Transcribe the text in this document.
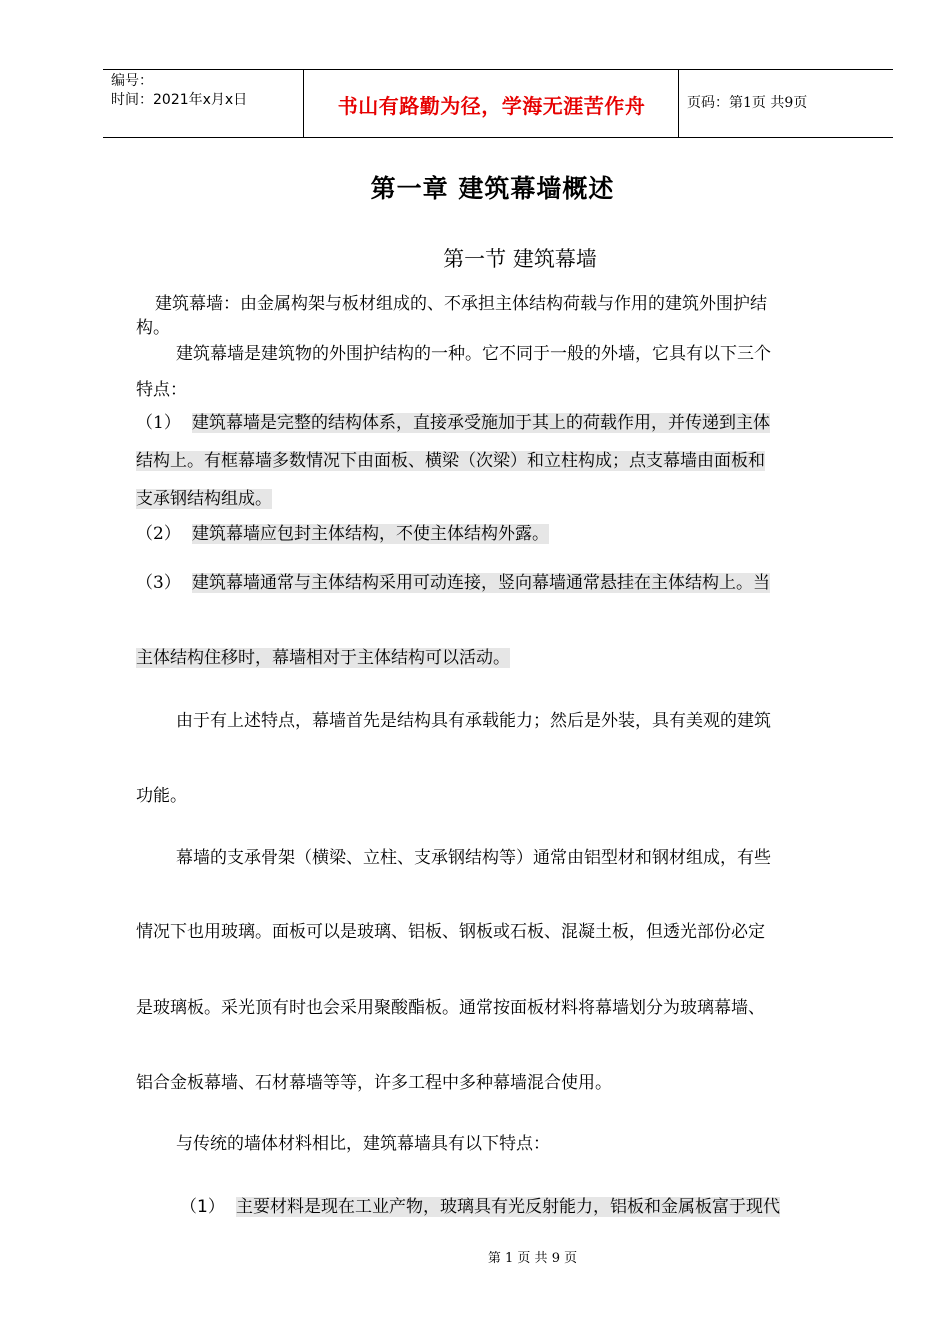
编号：
时间：2021年x月x日	书山有路勤为径，学海无涯苦作舟	页码：第1页 共9页
第一章 建筑幕墙概述
第一节 建筑幕墙
建筑幕墙：由金属构架与板材组成的、不承担主体结构荷载与作用的建筑外围护结
构。
建筑幕墙是建筑物的外围护结构的一种。它不同于一般的外墙，它具有以下三个
特点：
（1） 建筑幕墙是完整的结构体系，直接承受施加于其上的荷载作用，并传递到主体
结构上。有框幕墙多数情况下由面板、横梁（次梁）和立柱构成；点支幕墙由面板和
支承钢结构组成。
（2） 建筑幕墙应包封主体结构，不使主体结构外露。
（3） 建筑幕墙通常与主体结构采用可动连接，竖向幕墙通常悬挂在主体结构上。当
主体结构住移时，幕墙相对于主体结构可以活动。
由于有上述特点，幕墙首先是结构具有承载能力；然后是外装，具有美观的建筑
功能。
幕墙的支承骨架（横梁、立柱、支承钢结构等）通常由铝型材和钢材组成，有些
情况下也用玻璃。面板可以是玻璃、铝板、钢板或石板、混凝土板，但透光部份必定
是玻璃板。采光顶有时也会采用聚酸酯板。通常按面板材料将幕墙划分为玻璃幕墙、
铝合金板幕墙、石材幕墙等等，许多工程中多种幕墙混合使用。
与传统的墙体材料相比，建筑幕墙具有以下特点：
（1） 主要材料是现在工业产物，玻璃具有光反射能力，铝板和金属板富于现代
第 1 页 共 9 页
